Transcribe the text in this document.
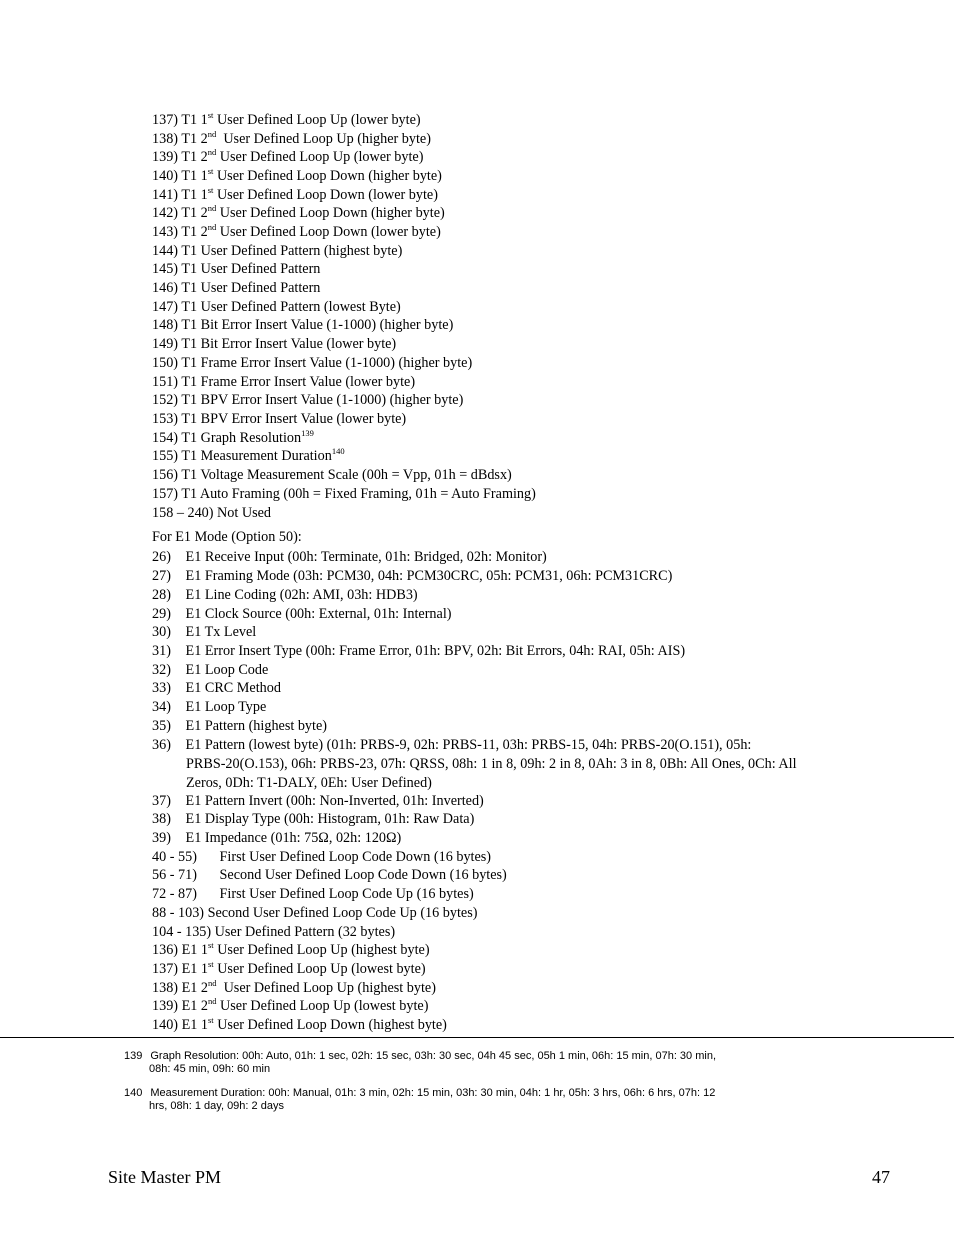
137) T1 1st User Defined Loop Up (lower byte)
138) T1 2nd  User Defined Loop Up (higher byte)
139) T1 2nd User Defined Loop Up (lower byte)
140) T1 1st User Defined Loop Down (higher byte)
141) T1 1st User Defined Loop Down (lower byte)
142) T1 2nd User Defined Loop Down (higher byte)
143) T1 2nd User Defined Loop Down (lower byte)
144) T1 User Defined Pattern (highest byte)
145) T1 User Defined Pattern
146) T1 User Defined Pattern
147) T1 User Defined Pattern (lowest Byte)
148) T1 Bit Error Insert Value (1-1000) (higher byte)
149) T1 Bit Error Insert Value (lower byte)
150) T1 Frame Error Insert Value (1-1000) (higher byte)
151) T1 Frame Error Insert Value (lower byte)
152) T1 BPV Error Insert Value (1-1000) (higher byte)
153) T1 BPV Error Insert Value (lower byte)
154) T1 Graph Resolution$^{139}$
155) T1 Measurement Duration$^{140}$
156) T1 Voltage Measurement Scale (00h = Vpp, 01h = dBdsx)
157) T1 Auto Framing (00h = Fixed Framing, 01h = Auto Framing)
158 – 240) Not Used
For E1 Mode (Option 50):
26) E1 Receive Input (00h: Terminate, 01h: Bridged, 02h: Monitor)
27) E1 Framing Mode (03h: PCM30, 04h: PCM30CRC, 05h: PCM31, 06h: PCM31CRC)
28) E1 Line Coding (02h: AMI, 03h: HDB3)
29) E1 Clock Source (00h: External, 01h: Internal)
30) E1 Tx Level
31) E1 Error Insert Type (00h: Frame Error, 01h: BPV, 02h: Bit Errors, 04h: RAI, 05h: AIS)
32) E1 Loop Code
33) E1 CRC Method
34) E1 Loop Type
35) E1 Pattern (highest byte)
36) E1 Pattern (lowest byte) (01h: PRBS-9, 02h: PRBS-11, 03h: PRBS-15, 04h: PRBS-20(O.151), 05h:
PRBS-20(O.153), 06h: PRBS-23, 07h: QRSS, 08h: 1 in 8, 09h: 2 in 8, 0Ah: 3 in 8, 0Bh: All Ones, 0Ch: All
Zeros, 0Dh: T1-DALY, 0Eh: User Defined)
37) E1 Pattern Invert (00h: Non-Inverted, 01h: Inverted)
38) E1 Display Type (00h: Histogram, 01h: Raw Data)
39) E1 Impedance (01h: 75Ω, 02h: 120Ω)
40 - 55) First User Defined Loop Code Down (16 bytes)
56 - 71) Second User Defined Loop Code Down (16 bytes)
72 - 87) First User Defined Loop Code Up (16 bytes)
88 - 103) Second User Defined Loop Code Up (16 bytes)
104 - 135) User Defined Pattern (32 bytes)
136) E1 1st User Defined Loop Up (highest byte)
137) E1 1st User Defined Loop Up (lowest byte)
138) E1 2nd  User Defined Loop Up (highest byte)
139) E1 2nd User Defined Loop Up (lowest byte)
140) E1 1st User Defined Loop Down (highest byte)
139 Graph Resolution: 00h: Auto, 01h: 1 sec, 02h: 15 sec, 03h: 30 sec, 04h 45 sec, 05h 1 min, 06h: 15 min, 07h: 30 min,
08h: 45 min, 09h: 60 min
140 Measurement Duration: 00h: Manual, 01h: 3 min, 02h: 15 min, 03h: 30 min, 04h: 1 hr, 05h: 3 hrs, 06h: 6 hrs, 07h: 12
hrs, 08h: 1 day, 09h: 2 days
Site Master PM	47
